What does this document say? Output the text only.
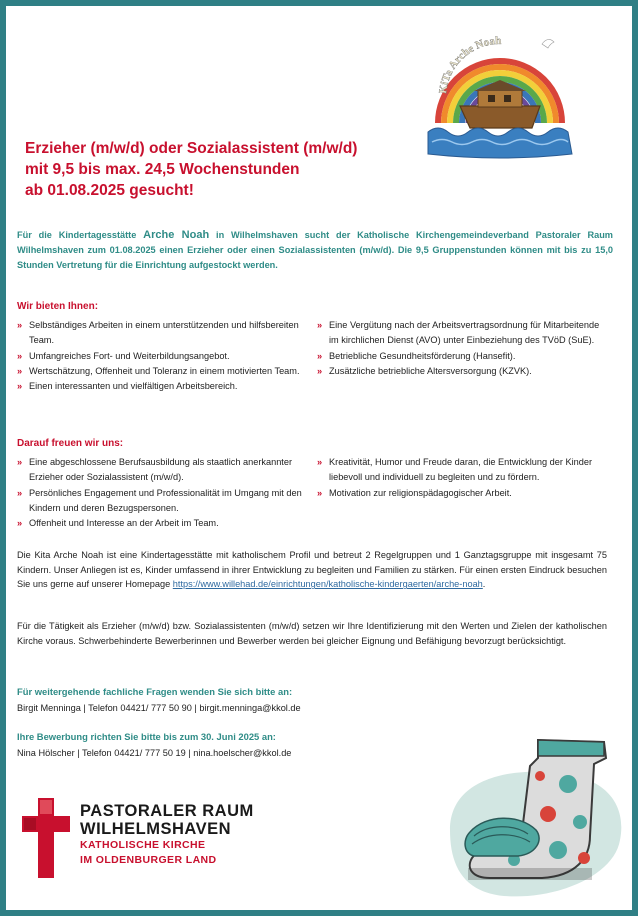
KiTa Arche Noah
Erzieher (m/w/d) oder Sozialassistent (m/w/d)
mit 9,5 bis max. 24,5 Wochenstunden
ab 01.08.2025 gesucht!
Für die Kindertagesstätte Arche Noah in Wilhelmshaven sucht der Katholische Kirchengemeindeverband Pastoraler Raum Wilhelmshaven zum 01.08.2025 einen Erzieher oder einen Sozialassistenten (m/w/d). Die 9,5 Gruppenstunden können mit bis zu 15,0 Stunden Vertretung für die Einrichtung aufgestockt werden.
Wir bieten Ihnen:
» Selbständiges Arbeiten in einem unterstützenden und hilfsbereiten Team.
» Umfangreiches Fort- und Weiterbildungsangebot.
» Wertschätzung, Offenheit und Toleranz in einem motivierten Team.
» Einen interessanten und vielfältigen Arbeitsbereich.
» Eine Vergütung nach der Arbeitsvertragsordnung für Mitarbeitende im kirchlichen Dienst (AVO) unter Einbeziehung des TVöD (SuE).
» Betriebliche Gesundheitsförderung (Hansefit).
» Zusätzliche betriebliche Altersversorgung (KZVK).
Darauf freuen wir uns:
» Eine abgeschlossene Berufsausbildung als staatlich anerkannter Erzieher oder Sozialassistent (m/w/d).
» Persönliches Engagement und Professionalität im Umgang mit den Kindern und deren Bezugspersonen.
» Offenheit und Interesse an der Arbeit im Team.
» Kreativität, Humor und Freude daran, die Entwicklung der Kinder liebevoll und individuell zu begleiten und zu fördern.
» Motivation zur religionspädagogischer Arbeit.
Die Kita Arche Noah ist eine Kindertagesstätte mit katholischem Profil und betreut 2 Regelgruppen und 1 Ganztagsgruppe mit insgesamt 75 Kindern. Unser Anliegen ist es, Kinder umfassend in ihrer Entwicklung zu begleiten und Familien zu stärken. Für einen ersten Eindruck besuchen Sie uns gerne auf unserer Homepage https://www.willehad.de/einrichtungen/katholische-kindergaerten/arche-noah.
Für die Tätigkeit als Erzieher (m/w/d) bzw. Sozialassistenten (m/w/d) setzen wir Ihre Identifizierung mit den Werten und Zielen der katholischen Kirche voraus. Schwerbehinderte Bewerberinnen und Bewerber werden bei gleicher Eignung und Befähigung bevorzugt berücksichtigt.
Für weitergehende fachliche Fragen wenden Sie sich bitte an:
Birgit Menninga | Telefon 04421/ 777 50 90 | birgit.menninga@kkol.de
Ihre Bewerbung richten Sie bitte bis zum 30. Juni 2025 an:
Nina Hölscher | Telefon 04421/ 777 50 19 | nina.hoelscher@kkol.de
PASTORALER RAUM
WILHELMSHAVEN
KATHOLISCHE KIRCHE
IM OLDENBURGER LAND
